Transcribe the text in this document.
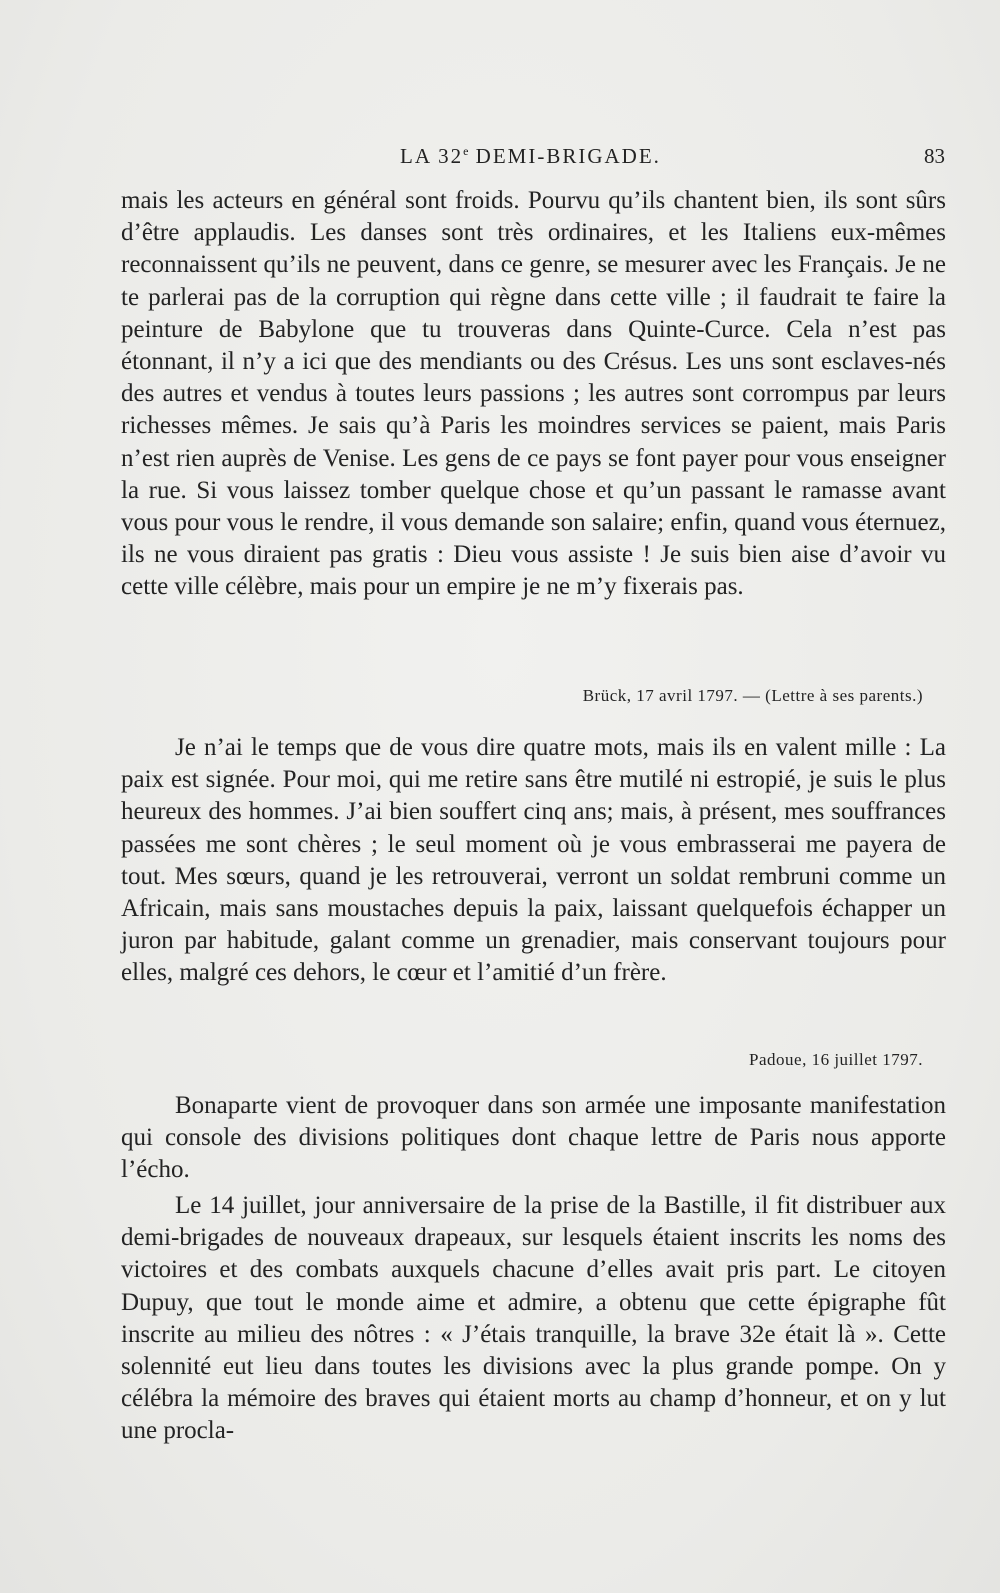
LA 32e DEMI-BRIGADE.	83

mais les acteurs en général sont froids. Pourvu qu’ils chantent bien, ils sont sûrs d’être applaudis. Les danses sont très ordinaires, et les Italiens eux-mêmes reconnaissent qu’ils ne peuvent, dans ce genre, se mesurer avec les Français. Je ne te parlerai pas de la corruption qui règne dans cette ville ; il faudrait te faire la peinture de Babylone que tu trouveras dans Quinte-Curce. Cela n’est pas étonnant, il n’y a ici que des mendiants ou des Crésus. Les uns sont esclaves-nés des autres et vendus à toutes leurs passions ; les autres sont corrompus par leurs richesses mêmes. Je sais qu’à Paris les moindres services se paient, mais Paris n’est rien auprès de Venise. Les gens de ce pays se font payer pour vous enseigner la rue. Si vous laissez tomber quelque chose et qu’un passant le ramasse avant vous pour vous le rendre, il vous demande son salaire; enfin, quand vous éternuez, ils ne vous diraient pas gratis : Dieu vous assiste ! Je suis bien aise d’avoir vu cette ville célèbre, mais pour un empire je ne m’y fixerais pas.

Brück, 17 avril 1797. — (Lettre à ses parents.)

Je n’ai le temps que de vous dire quatre mots, mais ils en valent mille : La paix est signée. Pour moi, qui me retire sans être mutilé ni estropié, je suis le plus heureux des hommes. J’ai bien souffert cinq ans; mais, à présent, mes souffrances passées me sont chères ; le seul moment où je vous embrasserai me payera de tout. Mes sœurs, quand je les retrouverai, verront un soldat rembruni comme un Africain, mais sans moustaches depuis la paix, laissant quelquefois échapper un juron par habitude, galant comme un grenadier, mais conservant toujours pour elles, malgré ces dehors, le cœur et l’amitié d’un frère.

Padoue, 16 juillet 1797.

Bonaparte vient de provoquer dans son armée une imposante manifestation qui console des divisions politiques dont chaque lettre de Paris nous apporte l’écho.

Le 14 juillet, jour anniversaire de la prise de la Bastille, il fit distribuer aux demi-brigades de nouveaux drapeaux, sur lesquels étaient inscrits les noms des victoires et des combats auxquels chacune d’elles avait pris part. Le citoyen Dupuy, que tout le monde aime et admire, a obtenu que cette épigraphe fût inscrite au milieu des nôtres : « J’étais tranquille, la brave 32e était là ». Cette solennité eut lieu dans toutes les divisions avec la plus grande pompe. On y célébra la mémoire des braves qui étaient morts au champ d’honneur, et on y lut une procla-
